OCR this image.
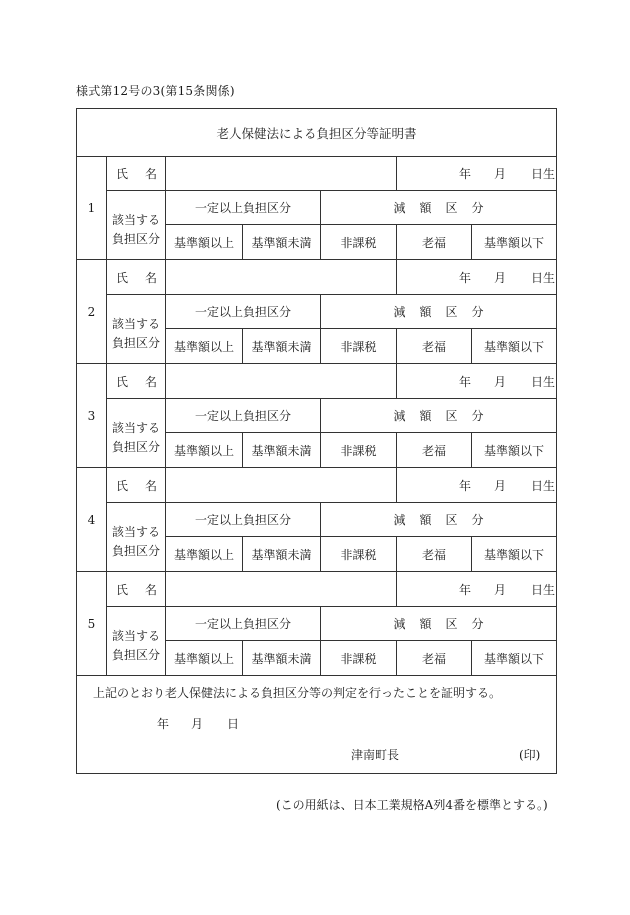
様式第12号の3(第15条関係)
老人保健法による負担区分等証明書
1
氏 名	年 月 日生
該当する
負担区分
一定以上負担区分	減 額 区 分
基準額以上	基準額未満	非課税	老福	基準額以下
2
氏 名	年 月 日生
該当する
負担区分
一定以上負担区分	減 額 区 分
基準額以上	基準額未満	非課税	老福	基準額以下
3
氏 名	年 月 日生
該当する
負担区分
一定以上負担区分	減 額 区 分
基準額以上	基準額未満	非課税	老福	基準額以下
4
氏 名	年 月 日生
該当する
負担区分
一定以上負担区分	減 額 区 分
基準額以上	基準額未満	非課税	老福	基準額以下
5
氏 名	年 月 日生
該当する
負担区分
一定以上負担区分	減 額 区 分
基準額以上	基準額未満	非課税	老福	基準額以下
上記のとおり老人保健法による負担区分等の判定を行ったことを証明する。
年 月 日
津南町長	(印)
(この用紙は、日本工業規格A列4番を標準とする。)
